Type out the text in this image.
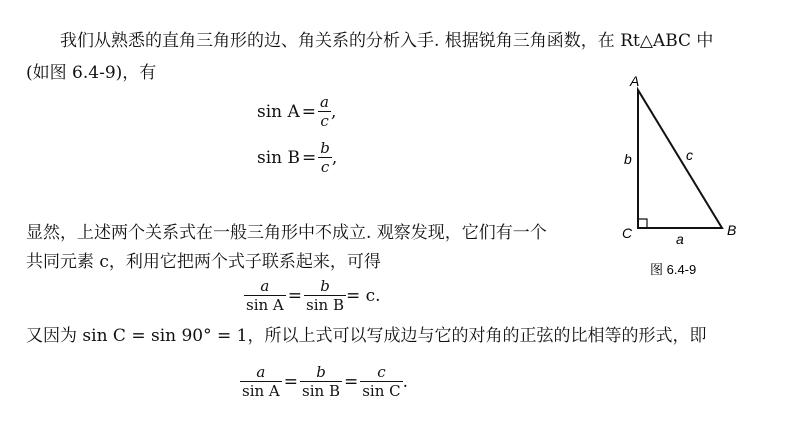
我们从熟悉的直角三角形的边、角关系的分析入手. 根据锐角三角函数，在 Rt△ABC 中
(如图 6.4-9)，有
$\sin A = \frac{a}{c}$ ,
$\sin B = \frac{b}{c}$ ,
显然，上述两个关系式在一般三角形中不成立. 观察发现，它们有一个
共同元素 c，利用它把两个式子联系起来，可得
$\frac{a}{\text{sin A}} = \frac{b}{\text{sin B}} = c$.
又因为 sin C = sin 90° = 1，所以上式可以写成边与它的对角的正弦的比相等的形式，即
$\frac{a}{\text{sin A}} = \frac{b}{\text{sin B}} = \frac{c}{\text{sin C}}$ .
A
B
C	a
b	c
图 6.4-9
